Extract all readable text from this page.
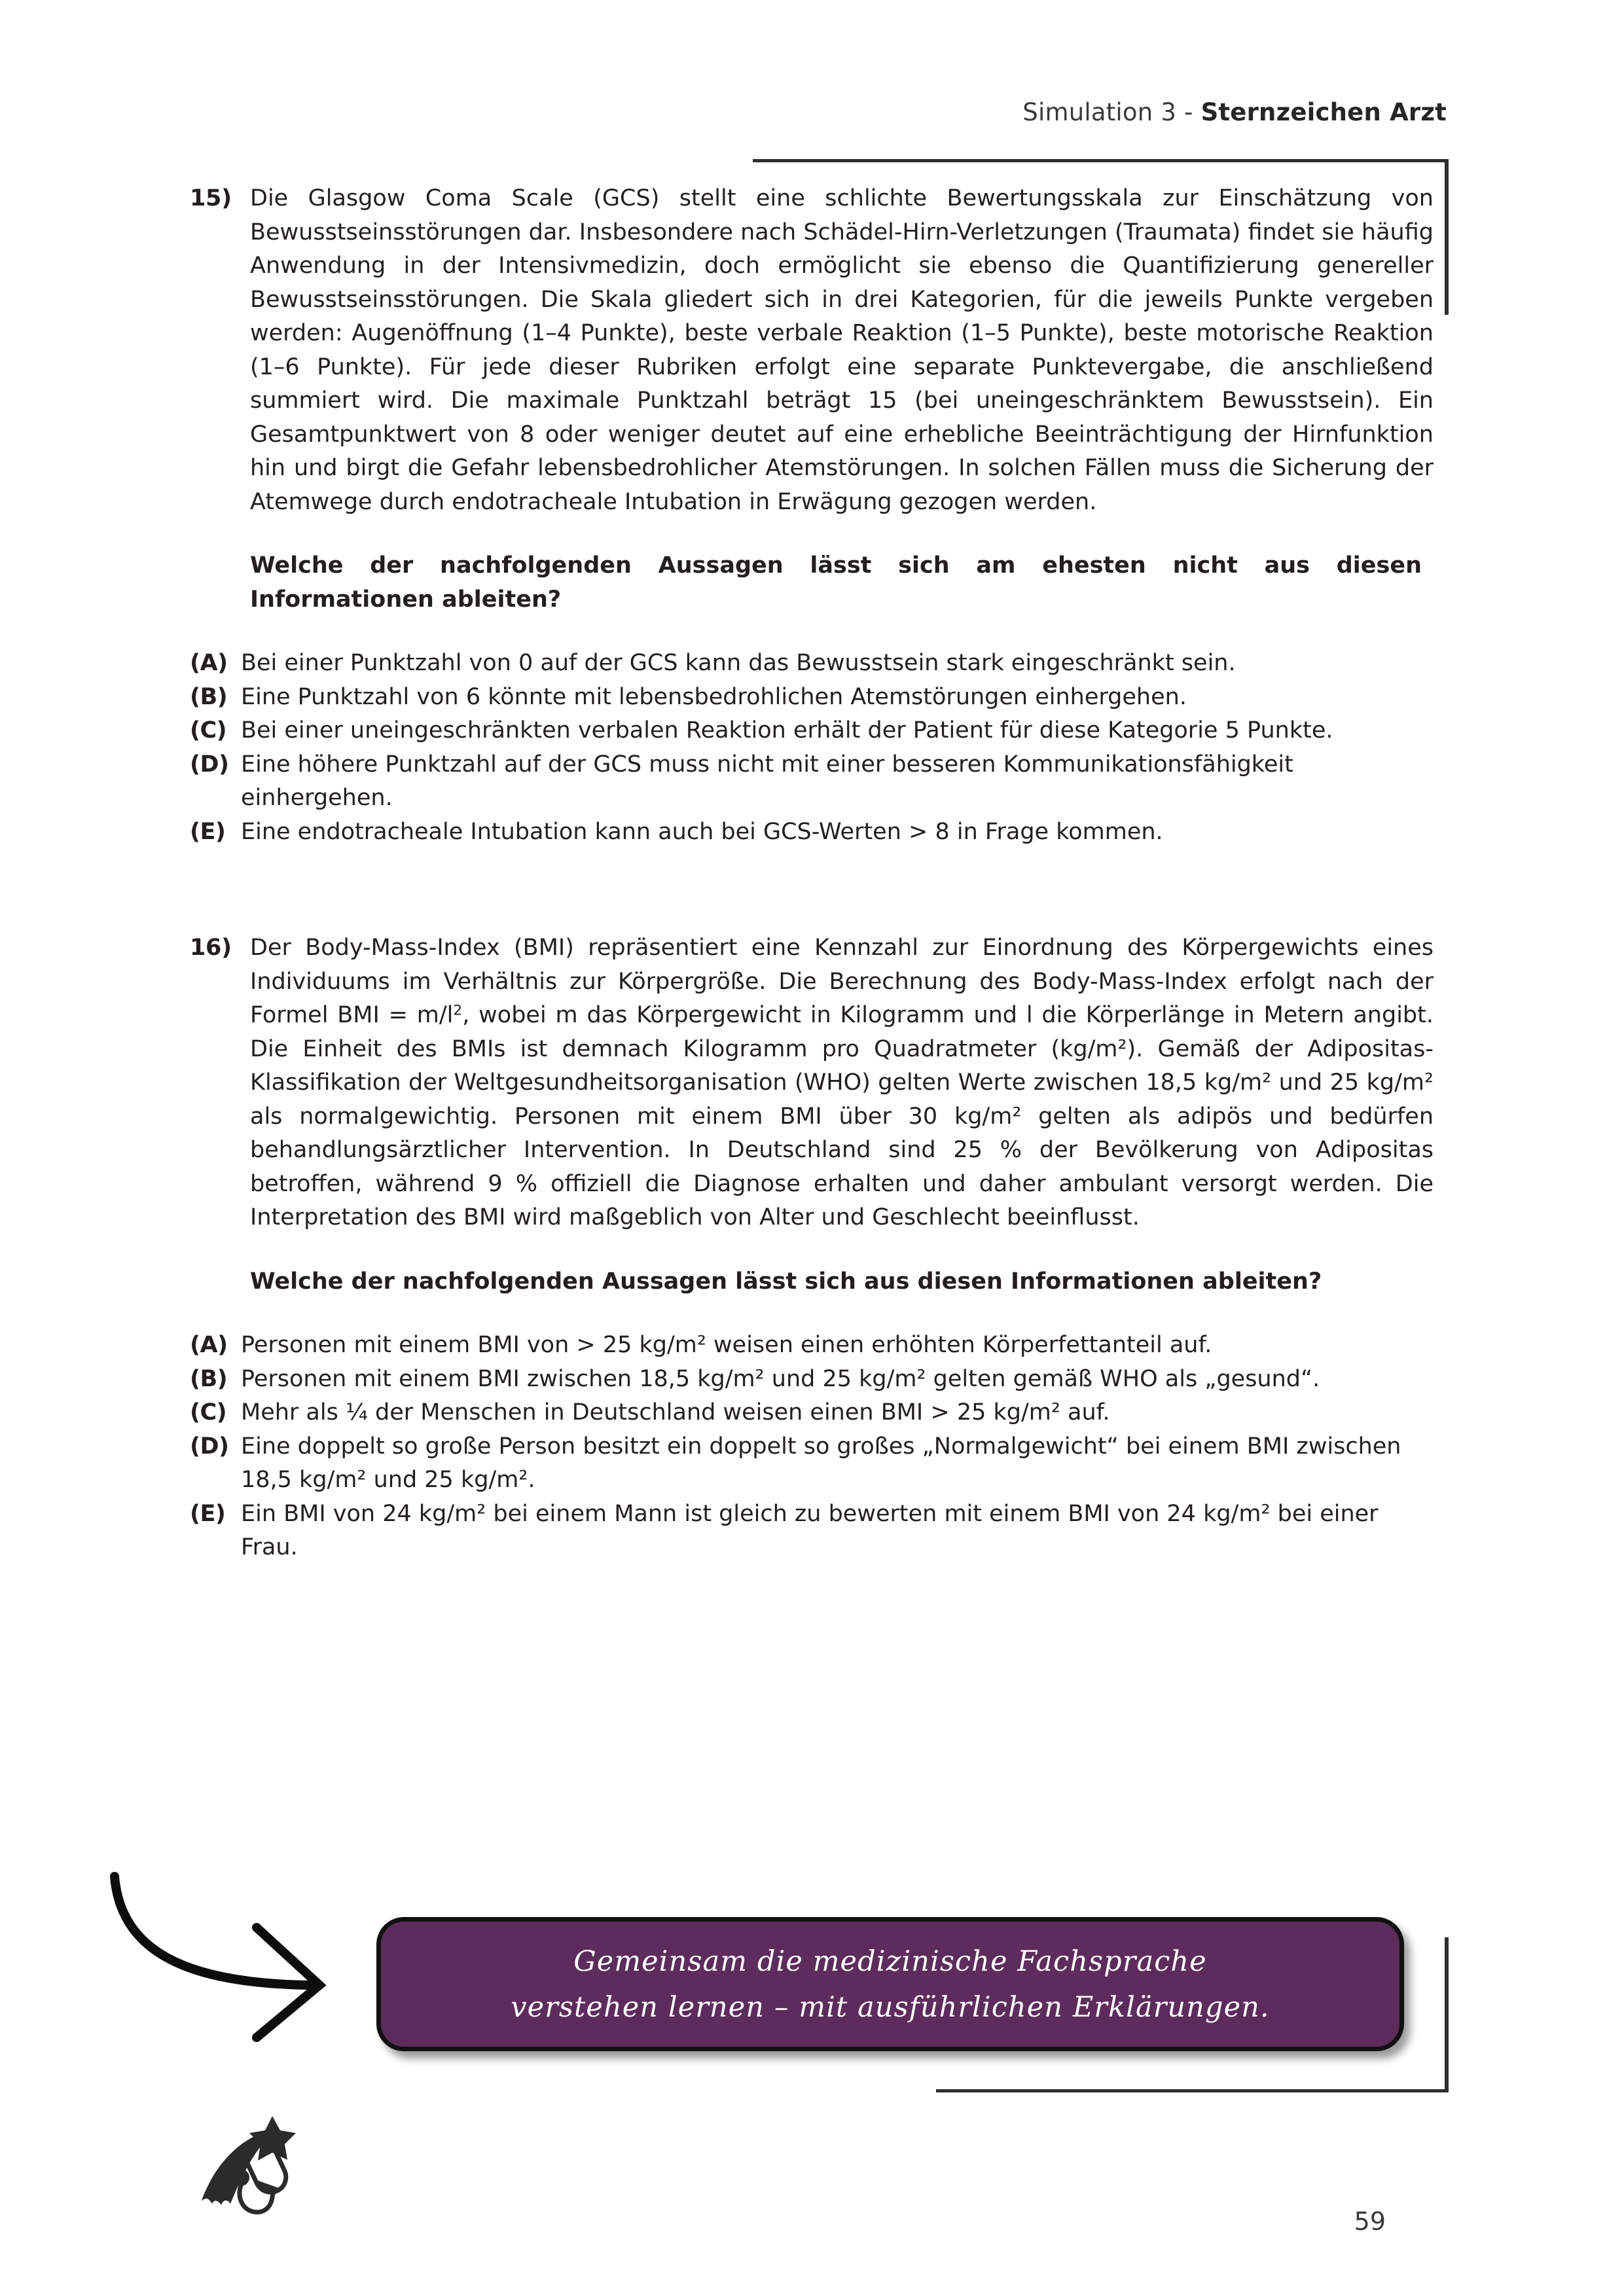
Simulation 3 - Sternzeichen Arzt
15) Die Glasgow Coma Scale (GCS) stellt eine schlichte Bewertungsskala zur Einschätzung von Bewusstseinsstörungen dar. Insbesondere nach Schädel-Hirn-Verletzungen (Traumata) findet sie häufig Anwendung in der Intensivmedizin, doch ermöglicht sie ebenso die Quantifizierung genereller Bewusstseinsstörungen. Die Skala gliedert sich in drei Kategorien, für die jeweils Punkte vergeben werden: Augenöffnung (1–4 Punkte), beste verbale Reaktion (1–5 Punkte), beste motorische Reaktion (1–6 Punkte). Für jede dieser Rubriken erfolgt eine separate Punktevergabe, die anschließend summiert wird. Die maximale Punktzahl beträgt 15 (bei uneingeschränktem Bewusstsein). Ein Gesamtpunktwert von 8 oder weniger deutet auf eine erhebliche Beeinträchtigung der Hirnfunktion hin und birgt die Gefahr lebensbedrohlicher Atemstörungen. In solchen Fällen muss die Sicherung der Atemwege durch endotracheale Intubation in Erwägung gezogen werden.
Welche der nachfolgenden Aussagen lässt sich am ehesten nicht aus diesen Informationen ableiten?
(A) Bei einer Punktzahl von 0 auf der GCS kann das Bewusstsein stark eingeschränkt sein.
(B) Eine Punktzahl von 6 könnte mit lebensbedrohlichen Atemstörungen einhergehen.
(C) Bei einer uneingeschränkten verbalen Reaktion erhält der Patient für diese Kategorie 5 Punkte.
(D) Eine höhere Punktzahl auf der GCS muss nicht mit einer besseren Kommunikationsfähigkeit einhergehen.
(E) Eine endotracheale Intubation kann auch bei GCS-Werten > 8 in Frage kommen.
16) Der Body-Mass-Index (BMI) repräsentiert eine Kennzahl zur Einordnung des Körpergewichts eines Individuums im Verhältnis zur Körpergröße. Die Berechnung des Body-Mass-Index erfolgt nach der Formel BMI = $m/l^2$, wobei m das Körpergewicht in Kilogramm und l die Körperlänge in Metern angibt. Die Einheit des BMIs ist demnach Kilogramm pro Quadratmeter (kg/m²). Gemäß der Adipositas-Klassifikation der Weltgesundheitsorganisation (WHO) gelten Werte zwischen 18,5 kg/m² und 25 kg/m² als normalgewichtig. Personen mit einem BMI über 30 kg/m² gelten als adipös und bedürfen behandlungsärztlicher Intervention. In Deutschland sind 25 % der Bevölkerung von Adipositas betroffen, während 9 % offiziell die Diagnose erhalten und daher ambulant versorgt werden. Die Interpretation des BMI wird maßgeblich von Alter und Geschlecht beeinflusst.
Welche der nachfolgenden Aussagen lässt sich aus diesen Informationen ableiten?
(A) Personen mit einem BMI von > 25 kg/m² weisen einen erhöhten Körperfettanteil auf.
(B) Personen mit einem BMI zwischen 18,5 kg/m² und 25 kg/m² gelten gemäß WHO als „gesund“.
(C) Mehr als ¼ der Menschen in Deutschland weisen einen BMI > 25 kg/m² auf.
(D) Eine doppelt so große Person besitzt ein doppelt so großes „Normalgewicht“ bei einem BMI zwischen 18,5 kg/m² und 25 kg/m².
(E) Ein BMI von 24 kg/m² bei einem Mann ist gleich zu bewerten mit einem BMI von 24 kg/m² bei einer Frau.
Gemeinsam die medizinische Fachsprache
verstehen lernen – mit ausführlichen Erklärungen.
59
